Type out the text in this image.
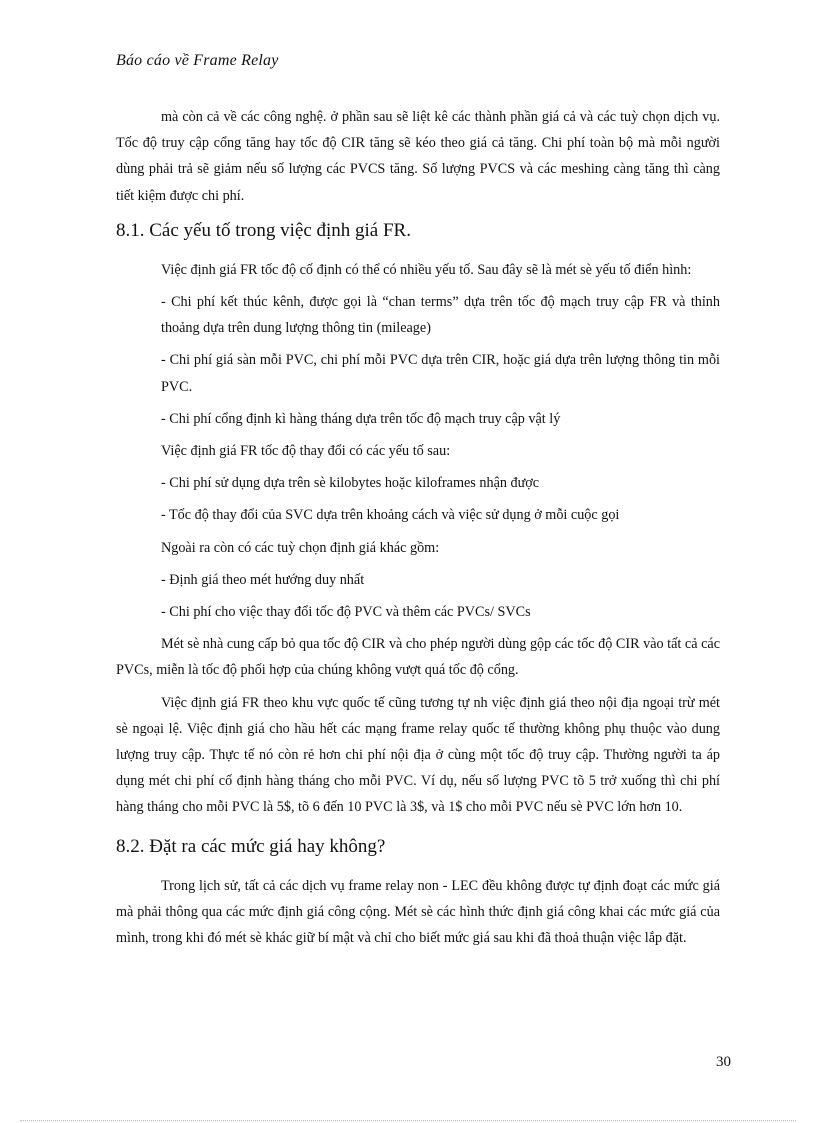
Báo cáo về Frame Relay

mà còn cả về các công nghệ. ở phần sau sẽ liệt kê các thành phần giá cả và các tuỳ chọn dịch vụ. Tốc độ truy cập cổng tăng hay tốc độ CIR tăng sẽ kéo theo giá cả tăng. Chi phí toàn bộ mà mỗi người dùng phải trả sẽ giảm nếu số lượng các PVCS tăng. Số lượng PVCS và các meshing càng tăng thì càng tiết kiệm được chi phí.

8.1. Các yếu tố trong việc định giá FR.

Việc định giá FR tốc độ cố định có thể có nhiều yếu tố. Sau đây sẽ là mét sè yếu tố điển hình:

- Chi phí kết thúc kênh, được gọi là “chan terms” dựa trên tốc độ mạch truy cập FR và thỉnh thoảng dựa trên dung lượng thông tin (mileage)

- Chi phí giá sàn mỗi PVC, chi phí mỗi PVC dựa trên CIR, hoặc giá dựa trên lượng thông tin mỗi PVC.

- Chi phí cổng định kì hàng tháng dựa trên tốc độ mạch truy cập vật lý

Việc định giá FR tốc độ thay đổi có các yếu tố sau:

- Chi phí sử dụng dựa trên sè kilobytes hoặc kiloframes nhận được

- Tốc độ thay đổi của SVC dựa trên khoảng cách và việc sử dụng ở mỗi cuộc gọi

Ngoài ra còn có các tuỳ chọn định giá khác gồm:

- Định giá theo mét hướng duy nhất

- Chi phí cho việc thay đổi tốc độ PVC và thêm các PVCs/ SVCs

Mét sè nhà cung cấp bỏ qua tốc độ CIR và cho phép người dùng gộp các tốc độ CIR vào tất cả các PVCs, miễn là tốc độ phối hợp của chúng không vượt quá tốc độ cổng.

Việc định giá FR theo khu vực quốc tế cũng tương tự nh việc định giá theo nội địa ngoại trừ mét sè ngoại lệ. Việc định giá cho hầu hết các mạng frame relay quốc tế thường không phụ thuộc vào dung lượng truy cập. Thực tế nó còn rẻ hơn chi phí nội địa ở cùng một tốc độ truy cập. Thường người ta áp dụng mét chi phí cố định hàng tháng cho mỗi PVC. Ví dụ, nếu số lượng PVC tõ 5 trở xuống thì chi phí hàng tháng cho mỗi PVC là 5$, tõ 6 đến 10 PVC là 3$, và 1$ cho mỗi PVC nếu sè PVC lớn hơn 10.

8.2. Đặt ra các mức giá hay không?

Trong lịch sử, tất cả các dịch vụ frame relay non - LEC đều không được tự định đoạt các mức giá mà phải thông qua các mức định giá công cộng. Mét sè các hình thức định giá công khai các mức giá của mình, trong khi đó mét sè khác giữ bí mật và chỉ cho biết mức giá sau khi đã thoả thuận việc lắp đặt.

30
